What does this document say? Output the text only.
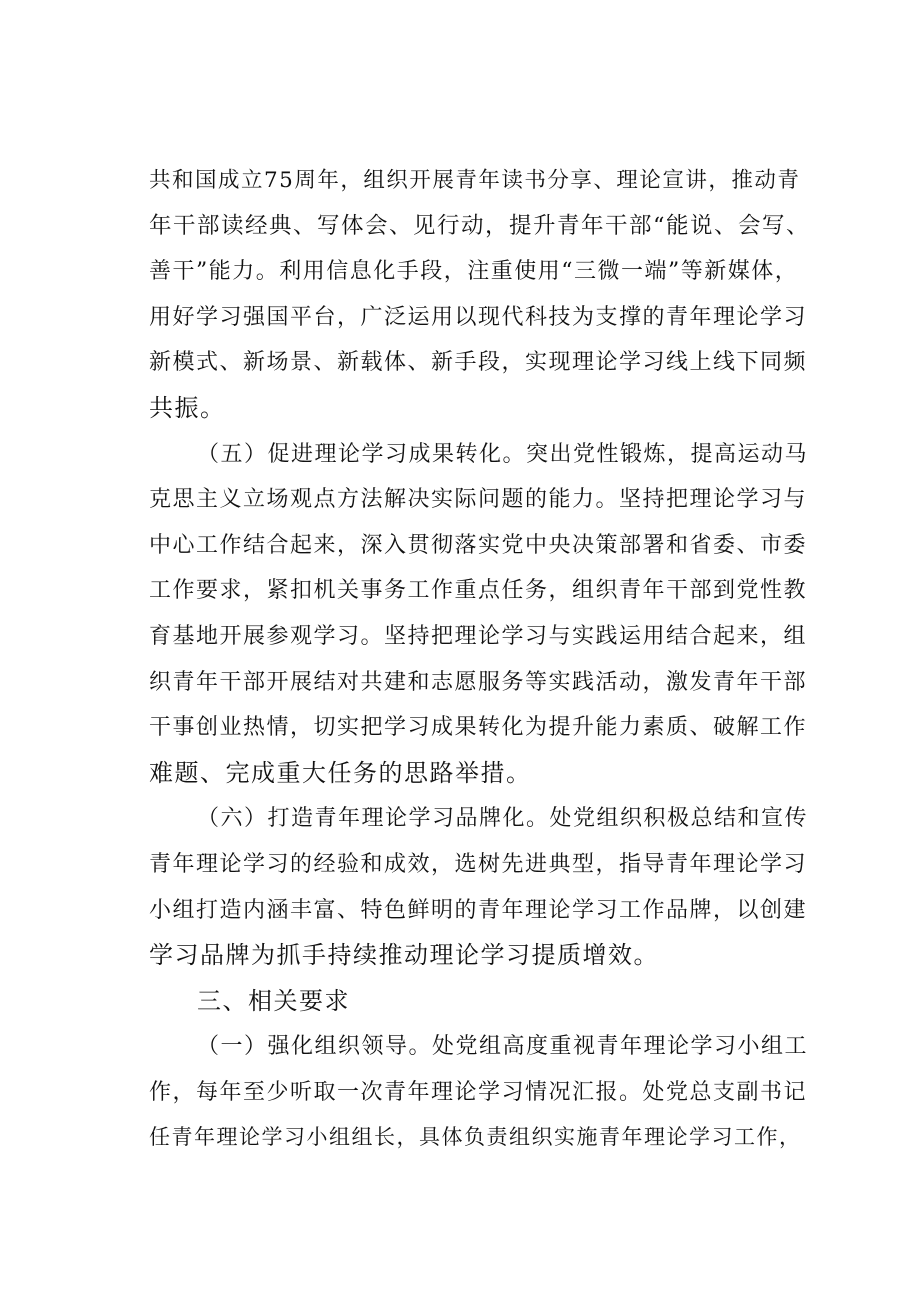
共和国成立75周年，组织开展青年读书分享、理论宣讲，推动青
年干部读经典、写体会、见行动，提升青年干部“能说、会写、
善干”能力。利用信息化手段，注重使用“三微一端”等新媒体，
用好学习强国平台，广泛运用以现代科技为支撑的青年理论学习
新模式、新场景、新载体、新手段，实现理论学习线上线下同频
共振。

（五）促进理论学习成果转化。突出党性锻炼，提高运动马
克思主义立场观点方法解决实际问题的能力。坚持把理论学习与
中心工作结合起来，深入贯彻落实党中央决策部署和省委、市委
工作要求，紧扣机关事务工作重点任务，组织青年干部到党性教
育基地开展参观学习。坚持把理论学习与实践运用结合起来，组
织青年干部开展结对共建和志愿服务等实践活动，激发青年干部
干事创业热情，切实把学习成果转化为提升能力素质、破解工作
难题、完成重大任务的思路举措。

（六）打造青年理论学习品牌化。处党组织积极总结和宣传
青年理论学习的经验和成效，选树先进典型，指导青年理论学习
小组打造内涵丰富、特色鲜明的青年理论学习工作品牌，以创建
学习品牌为抓手持续推动理论学习提质增效。

三、相关要求

（一）强化组织领导。处党组高度重视青年理论学习小组工
作，每年至少听取一次青年理论学习情况汇报。处党总支副书记
任青年理论学习小组组长，具体负责组织实施青年理论学习工作，
